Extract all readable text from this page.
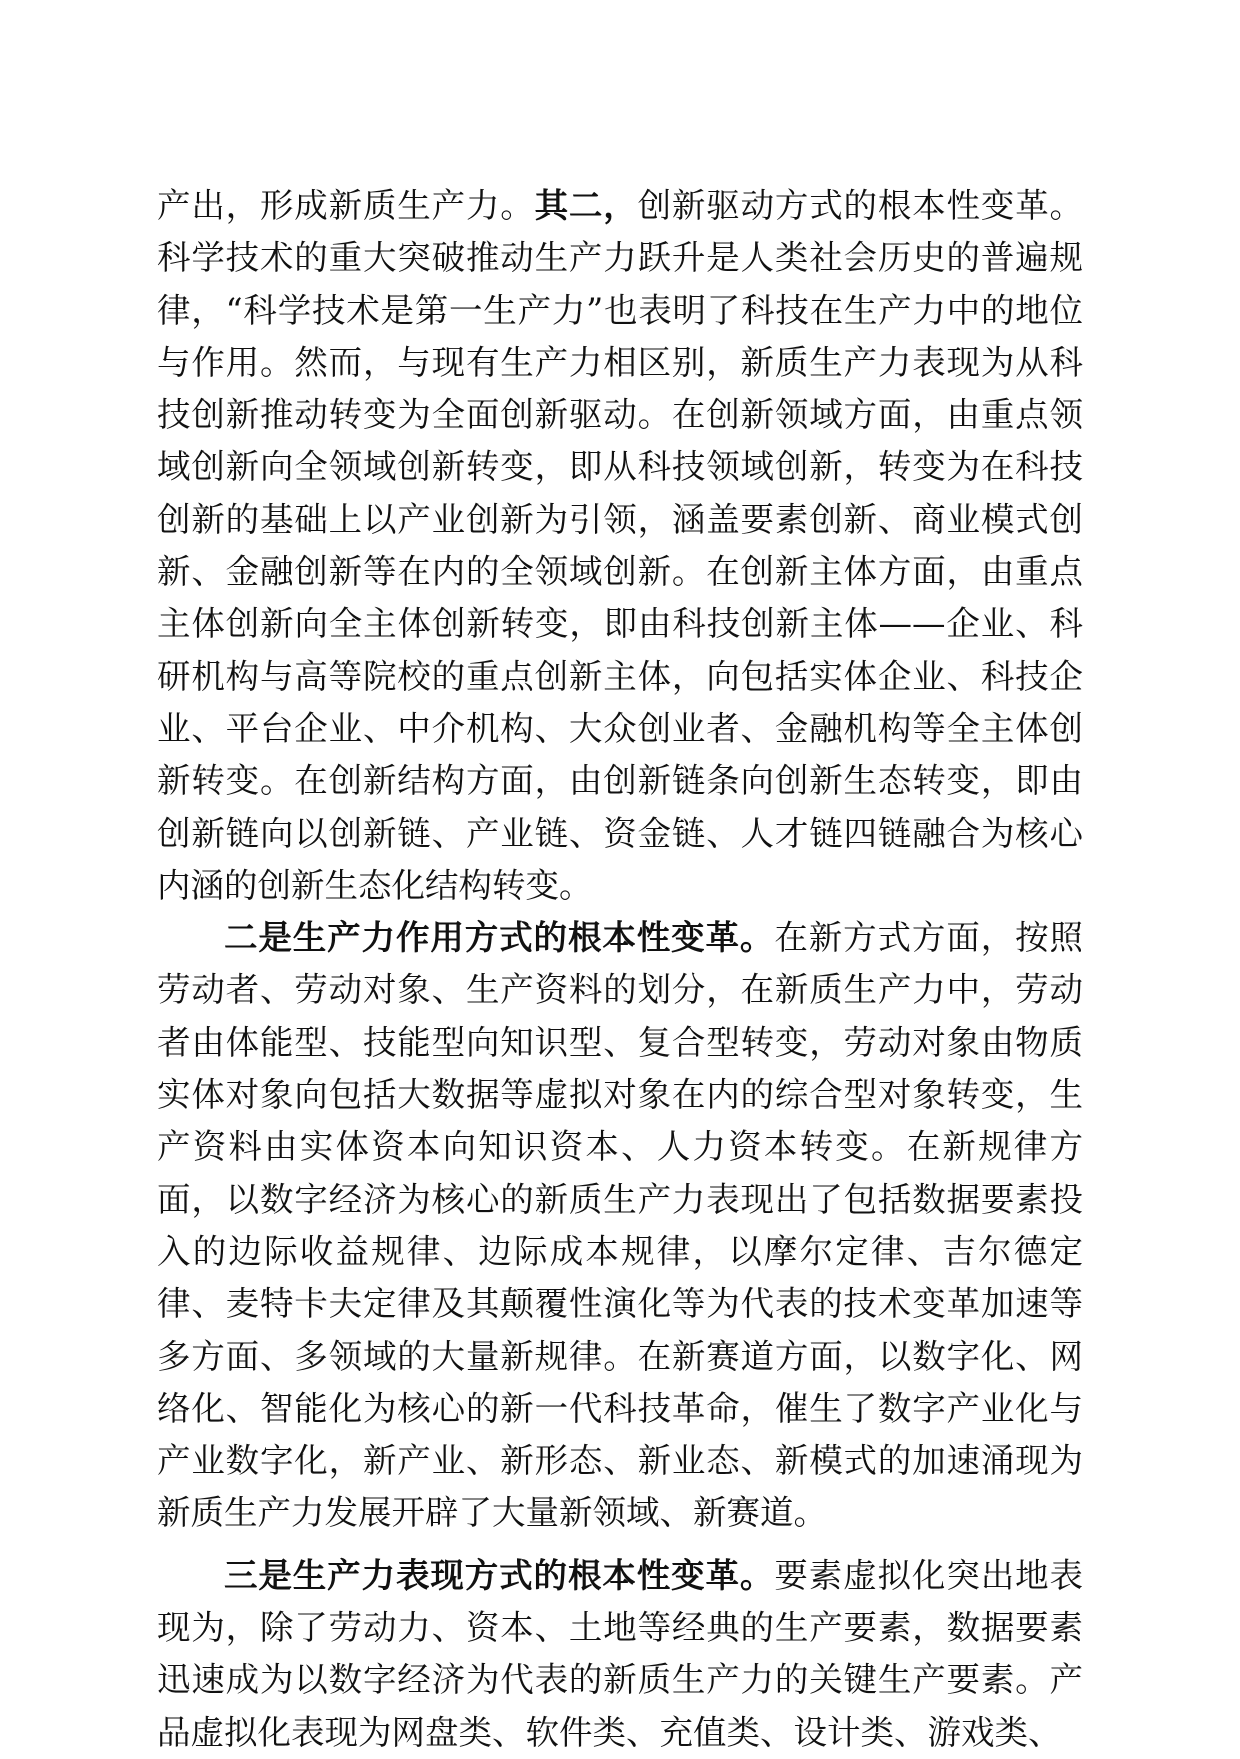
产出，形成新质生产力。其二，创新驱动方式的根本性变革。科学技术的重大突破推动生产力跃升是人类社会历史的普遍规律，“科学技术是第一生产力”也表明了科技在生产力中的地位与作用。然而，与现有生产力相区别，新质生产力表现为从科技创新推动转变为全面创新驱动。在创新领域方面，由重点领域创新向全领域创新转变，即从科技领域创新，转变为在科技创新的基础上以产业创新为引领，涵盖要素创新、商业模式创新、金融创新等在内的全领域创新。在创新主体方面，由重点主体创新向全主体创新转变，即由科技创新主体——企业、科研机构与高等院校的重点创新主体，向包括实体企业、科技企业、平台企业、中介机构、大众创业者、金融机构等全主体创新转变。在创新结构方面，由创新链条向创新生态转变，即由创新链向以创新链、产业链、资金链、人才链四链融合为核心内涵的创新生态化结构转变。

二是生产力作用方式的根本性变革。在新方式方面，按照劳动者、劳动对象、生产资料的划分，在新质生产力中，劳动者由体能型、技能型向知识型、复合型转变，劳动对象由物质实体对象向包括大数据等虚拟对象在内的综合型对象转变，生产资料由实体资本向知识资本、人力资本转变。在新规律方面，以数字经济为核心的新质生产力表现出了包括数据要素投入的边际收益规律、边际成本规律，以摩尔定律、吉尔德定律、麦特卡夫定律及其颠覆性演化等为代表的技术变革加速等多方面、多领域的大量新规律。在新赛道方面，以数字化、网络化、智能化为核心的新一代科技革命，催生了数字产业化与产业数字化，新产业、新形态、新业态、新模式的加速涌现为新质生产力发展开辟了大量新领域、新赛道。

三是生产力表现方式的根本性变革。要素虚拟化突出地表现为，除了劳动力、资本、土地等经典的生产要素，数据要素迅速成为以数字经济为代表的新质生产力的关键生产要素。产品虚拟化表现为网盘类、软件类、充值类、设计类、游戏类、
